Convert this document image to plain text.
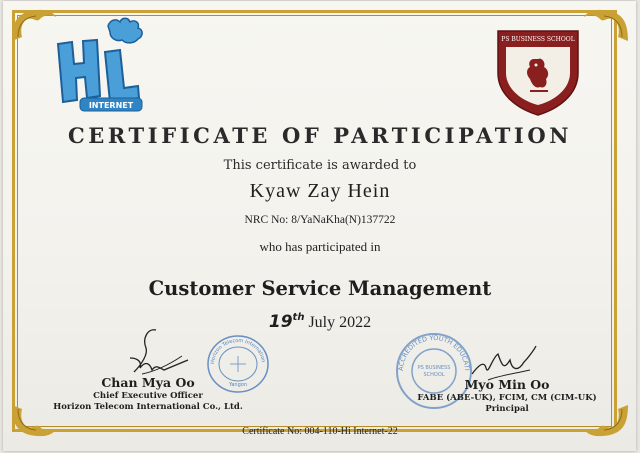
INTERNET
PS BUSINESS SCHOOL
CERTIFICATE OF PARTICIPATION
This certificate is awarded to
Kyaw Zay Hein
NRC No: 8/YaNaKha(N)137722
who has participated in
Customer Service Management
19th July 2022
Horizon Telecom Internation
Yangon
ACCREDITED YOUTH EDUCATI
PS BUSINESS
SCHOOL
Chan Mya Oo
Chief Executive Officer
Horizon Telecom International Co., Ltd.
Myo Min Oo
FABE (ABE-UK), FCIM, CM (CIM-UK)
Principal
Certificate No: 004-110-Hi Internet-22
